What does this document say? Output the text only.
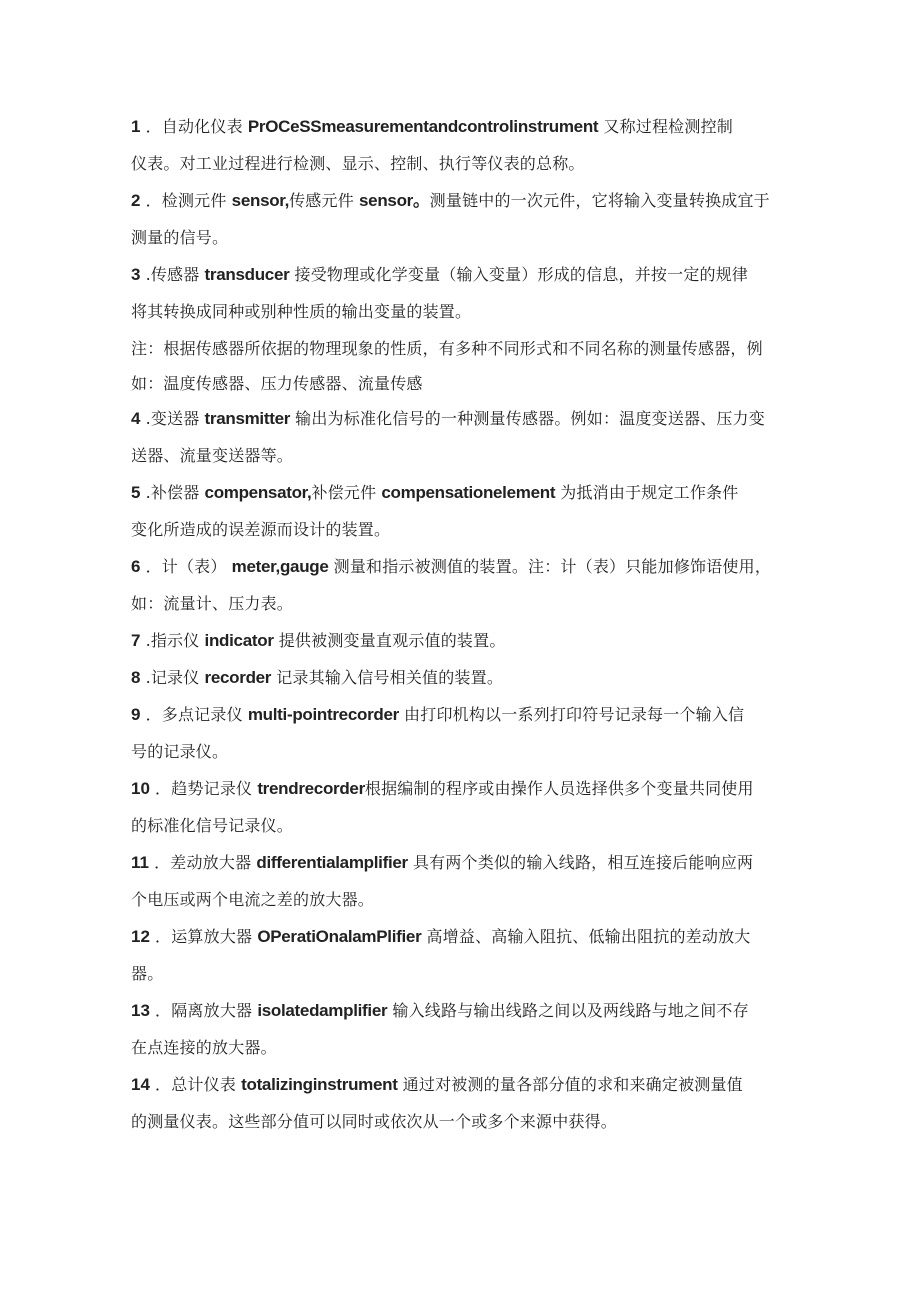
1 ．自动化仪表 PrOCeSSmeasurementandcontrolinstrument 又称过程检测控制
仪表。对工业过程进行检测、显示、控制、执行等仪表的总称。
2 ．检测元件 sensor,传感元件 sensor。测量链中的一次元件，它将输入变量转换成宜于
测量的信号。
3 .传感器 transducer 接受物理或化学变量（输入变量）形成的信息，并按一定的规律
将其转换成同种或别种性质的输出变量的装置。
注：根据传感器所依据的物理现象的性质，有多种不同形式和不同名称的测量传感器，例
如：温度传感器、压力传感器、流量传感
4 .变送器 transmitter 输出为标准化信号的一种测量传感器。例如：温度变送器、压力变
送器、流量变送器等。
5 .补偿器 compensator,补偿元件 compensationelement 为抵消由于规定工作条件
变化所造成的误差源而设计的装置。
6 ．计（表） meter,gauge 测量和指示被测值的装置。注：计（表）只能加修饰语使用，
如：流量计、压力表。
7 .指示仪 indicator 提供被测变量直观示值的装置。
8 .记录仪 recorder 记录其输入信号相关值的装置。
9 ．多点记录仪 multi-pointrecorder 由打印机构以一系列打印符号记录每一个输入信
号的记录仪。
10 ．趋势记录仪 trendrecorder根据编制的程序或由操作人员选择供多个变量共同使用
的标准化信号记录仪。
11 ．差动放大器 differentialamplifier 具有两个类似的输入线路，相互连接后能响应两
个电压或两个电流之差的放大器。
12 ．运算放大器 OPeratiOnalamPlifier 高增益、高输入阻抗、低输出阻抗的差动放大
器。
13 ．隔离放大器 isolatedamplifier 输入线路与输出线路之间以及两线路与地之间不存
在点连接的放大器。
14 ．总计仪表 totalizinginstrument 通过对被测的量各部分值的求和来确定被测量值
的测量仪表。这些部分值可以同时或依次从一个或多个来源中获得。
